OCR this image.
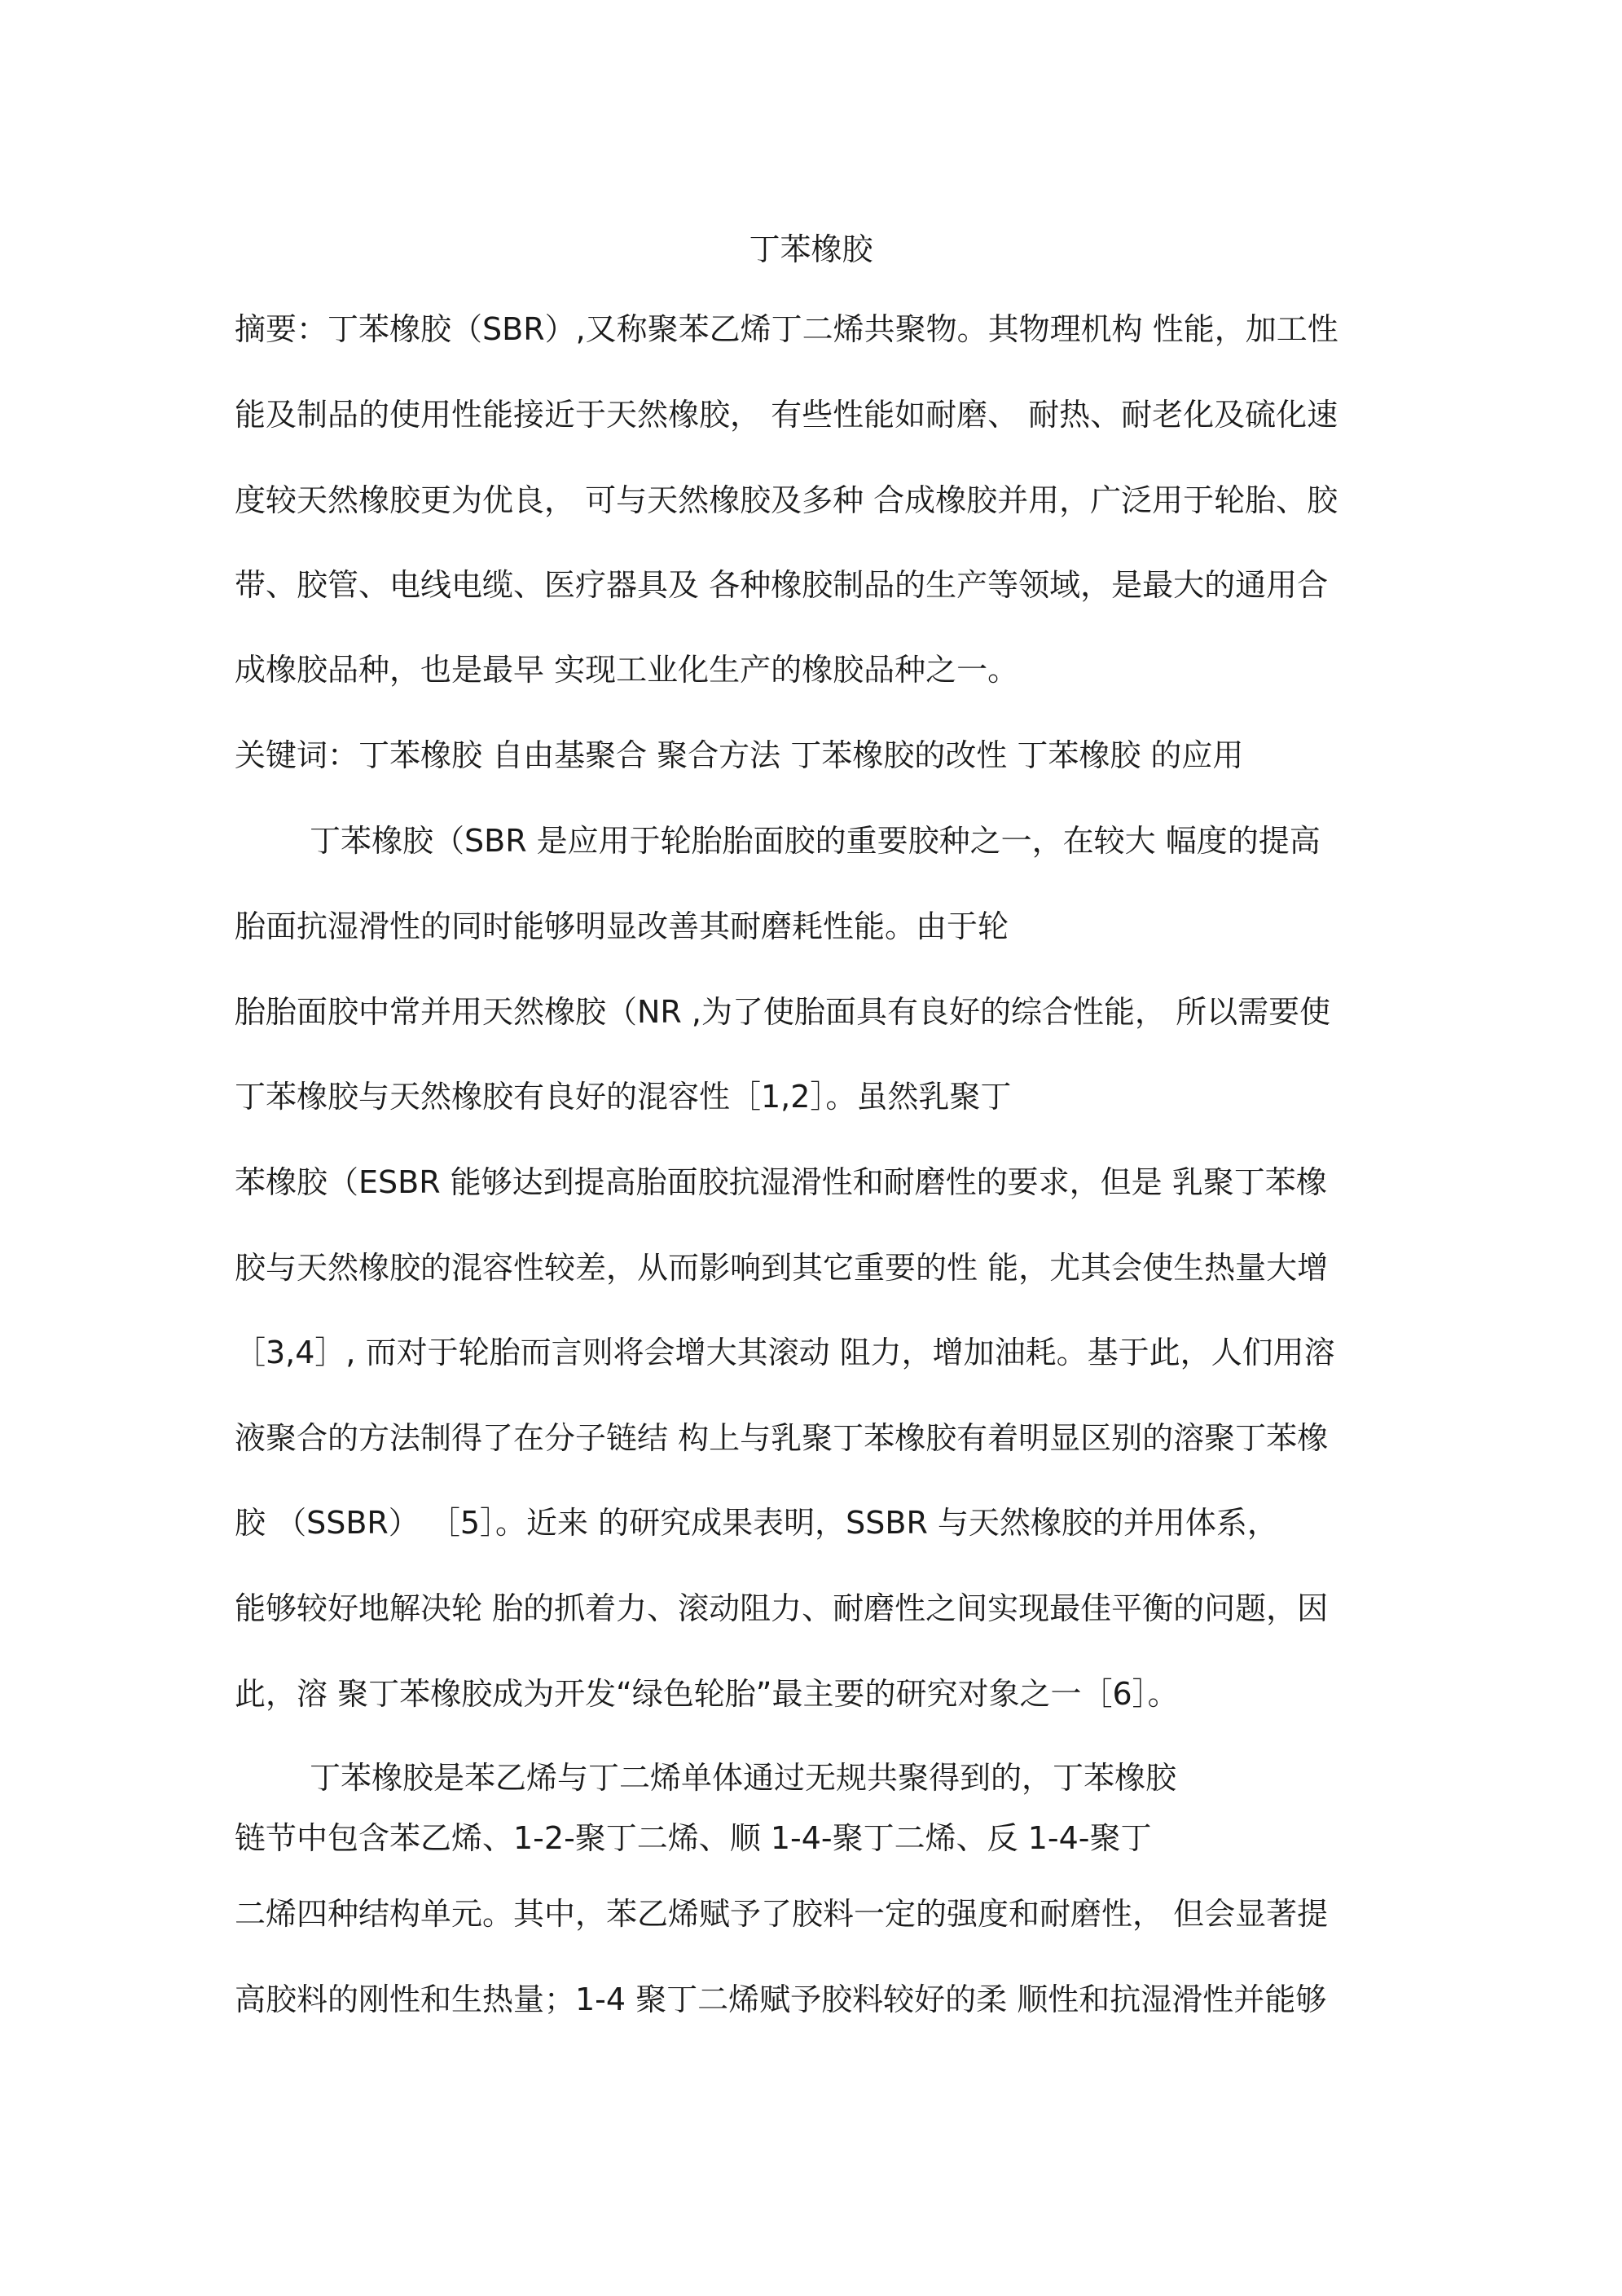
丁苯橡胶
摘要：丁苯橡胶（SBR）,又称聚苯乙烯丁二烯共聚物。其物理机构 性能，加工性
能及制品的使用性能接近于天然橡胶， 有些性能如耐磨、 耐热、耐老化及硫化速
度较天然橡胶更为优良， 可与天然橡胶及多种 合成橡胶并用，广泛用于轮胎、胶
带、胶管、电线电缆、医疗器具及 各种橡胶制品的生产等领域，是最大的通用合
成橡胶品种，也是最早 实现工业化生产的橡胶品种之一。
关键词：丁苯橡胶 自由基聚合 聚合方法 丁苯橡胶的改性 丁苯橡胶 的应用
丁苯橡胶（SBR 是应用于轮胎胎面胶的重要胶种之一，在较大 幅度的提高
胎面抗湿滑性的同时能够明显改善其耐磨耗性能。由于轮
胎胎面胶中常并用天然橡胶（NR ,为了使胎面具有良好的综合性能， 所以需要使
丁苯橡胶与天然橡胶有良好的混容性［1,2］。虽然乳聚丁
苯橡胶（ESBR 能够达到提高胎面胶抗湿滑性和耐磨性的要求，但是 乳聚丁苯橡
胶与天然橡胶的混容性较差，从而影响到其它重要的性 能，尤其会使生热量大增
［3,4］, 而对于轮胎而言则将会增大其滚动 阻力，增加油耗。基于此，人们用溶
液聚合的方法制得了在分子链结 构上与乳聚丁苯橡胶有着明显区别的溶聚丁苯橡
胶 （SSBR） ［5］。近来 的研究成果表明，SSBR 与天然橡胶的并用体系，
能够较好地解决轮 胎的抓着力、滚动阻力、耐磨性之间实现最佳平衡的问题，因
此，溶 聚丁苯橡胶成为开发“绿色轮胎”最主要的研究对象之一［6］。
丁苯橡胶是苯乙烯与丁二烯单体通过无规共聚得到的，丁苯橡胶
链节中包含苯乙烯、1-2-聚丁二烯、顺 1-4-聚丁二烯、反 1-4-聚丁
二烯四种结构单元。其中，苯乙烯赋予了胶料一定的强度和耐磨性， 但会显著提
高胶料的刚性和生热量；1-4 聚丁二烯赋予胶料较好的柔 顺性和抗湿滑性并能够
